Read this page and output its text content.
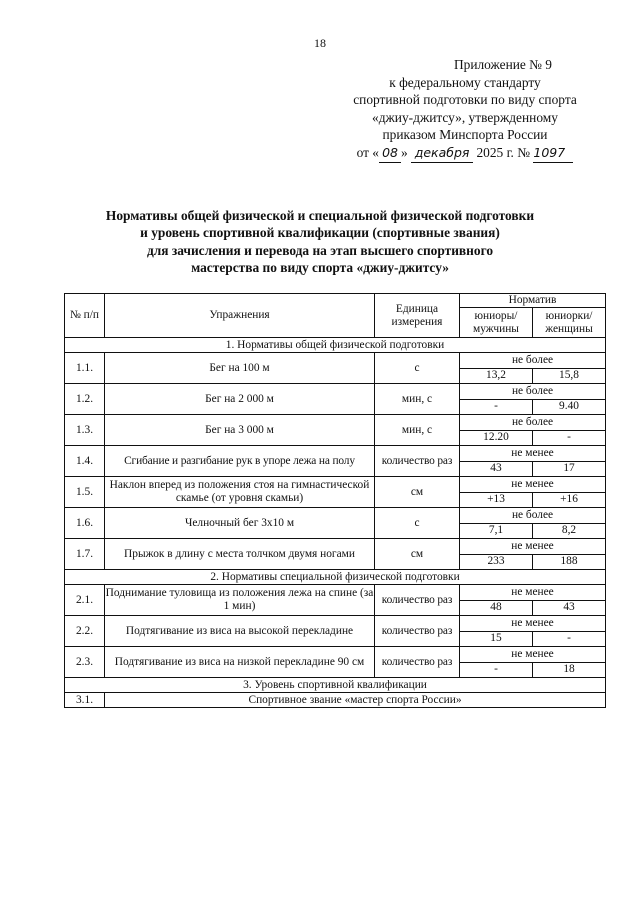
18
Приложение № 9
к федеральному стандарту
спортивной подготовки по виду спорта
«джиу-джитсу», утвержденному
приказом Минспорта России
от « 08 » декабря 2025 г. № 1097
Нормативы общей физической и специальной физической подготовки
и уровень спортивной квалификации (спортивные звания)
для зачисления и перевода на этап высшего спортивного
мастерства по виду спорта «джиу-джитсу»
№ п/п	Упражнения	Единица измерения	Норматив	
			юниоры/ мужчины	юниорки/ женщины
1. Нормативы общей физической подготовки				
1.1.	Бег на 100 м	с	не более	
			13,2	15,8
1.2.	Бег на 2 000 м	мин, с	не более	
			-	9.40
1.3.	Бег на 3 000 м	мин, с	не более	
			12.20	-
1.4.	Сгибание и разгибание рук в упоре лежа на полу	количество раз	не менее	
			43	17
1.5.	Наклон вперед из положения стоя на гимнастической скамье (от уровня скамьи)	см	не менее	
			+13	+16
1.6.	Челночный бег 3х10 м	с	не более	
			7,1	8,2
1.7.	Прыжок в длину с места толчком двумя ногами	см	не менее	
			233	188
2. Нормативы специальной физической подготовки				
2.1.	Поднимание туловища из положения лежа на спине (за 1 мин)	количество раз	не менее	
			48	43
2.2.	Подтягивание из виса на высокой перекладине	количество раз	не менее	
			15	-
2.3.	Подтягивание из виса на низкой перекладине 90 см	количество раз	не менее	
			-	18
3. Уровень спортивной квалификации				
3.1.	Спортивное звание «мастер спорта России»			
